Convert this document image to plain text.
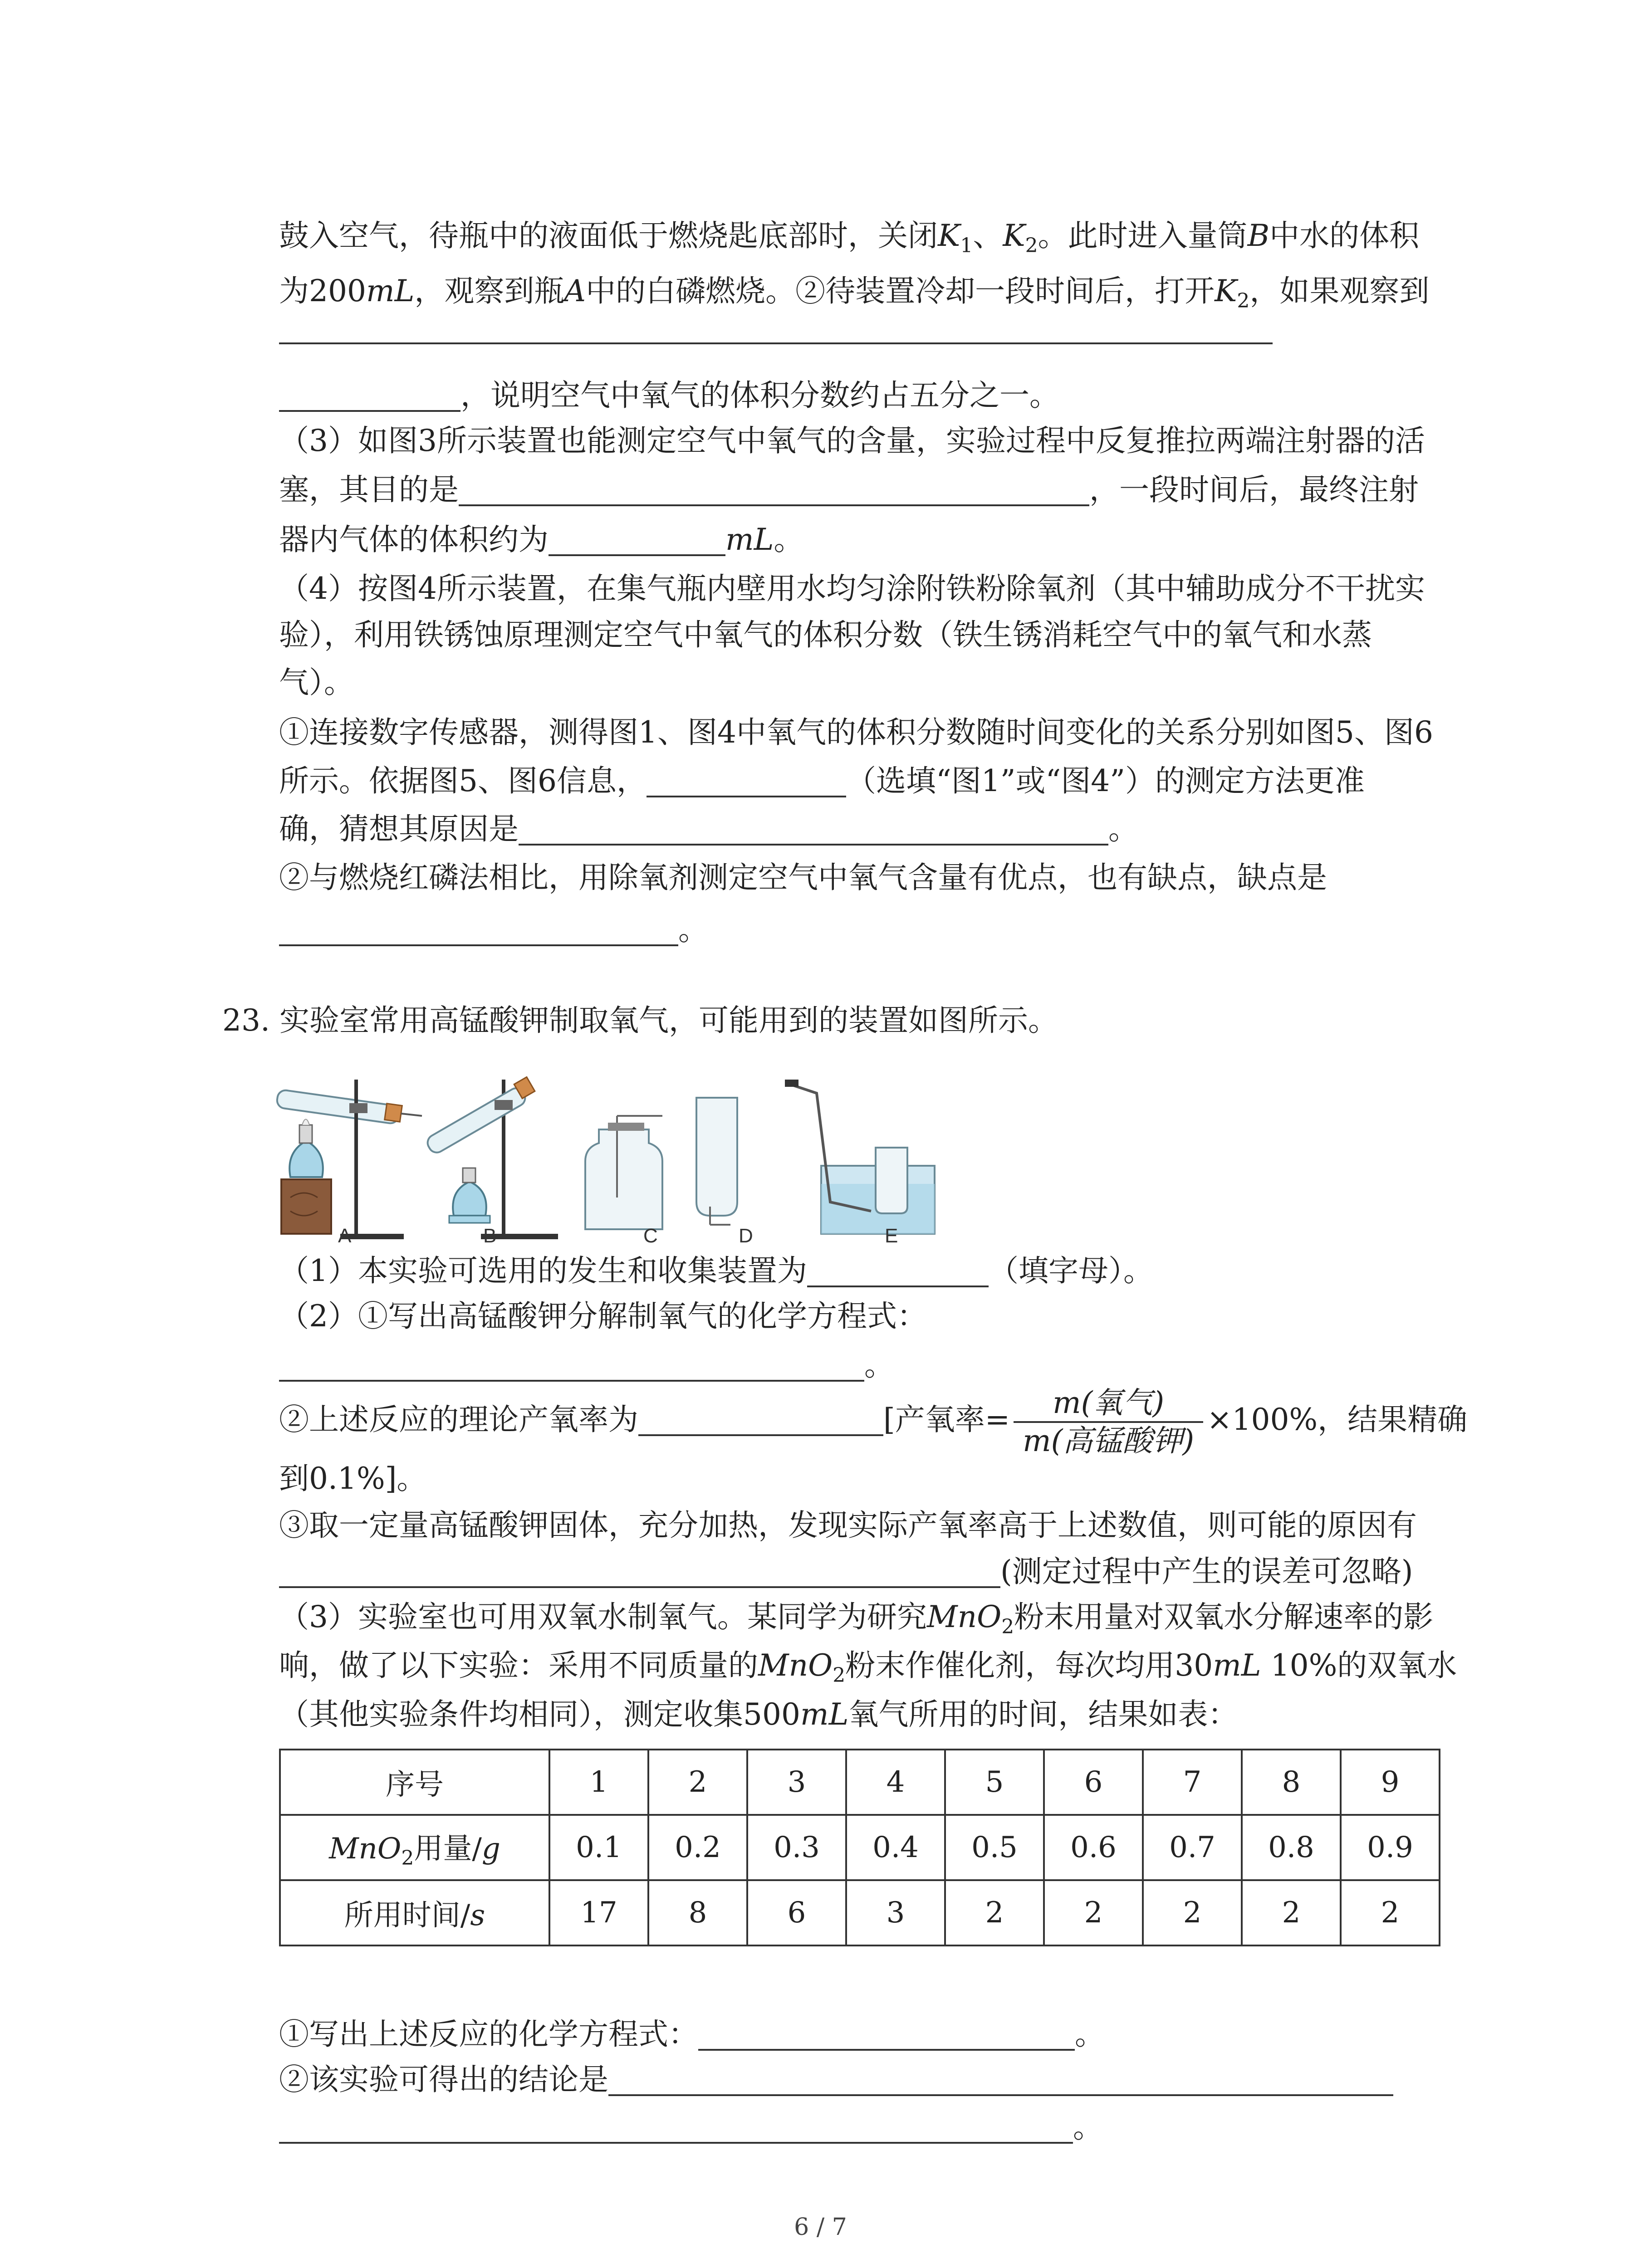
鼓入空气，待瓶中的液面低于燃烧匙底部时，关闭$K_1$、$K_2$。此时进入量筒B中水的体积
为200mL，观察到瓶A中的白磷燃烧。②待装置冷却一段时间后，打开$K_2$，如果观察到
，说明空气中氧气的体积分数约占五分之一。
（3）如图3所示装置也能测定空气中氧气的含量，实验过程中反复推拉两端注射器的活
塞，其目的是	，一段时间后，最终注射
器内气体的体积约为	mL。
（4）按图4所示装置，在集气瓶内壁用水均匀涂附铁粉除氧剂（其中辅助成分不干扰实
验），利用铁锈蚀原理测定空气中氧气的体积分数（铁生锈消耗空气中的氧气和水蒸
气）。
①连接数字传感器，测得图1、图4中氧气的体积分数随时间变化的关系分别如图5、图6
所示。依据图5、图6信息，	（选填“图1”或“图4”）的测定方法更准
确，猜想其原因是	。
②与燃烧红磷法相比，用除氧剂测定空气中氧气含量有优点，也有缺点，缺点是
。
23. 实验室常用高锰酸钾制取氧气，可能用到的装置如图所示。
A	B	C	D	E
（1）本实验可选用的发生和收集装置为	（填字母）。
（2）①写出高锰酸钾分解制氧气的化学方程式：
。
②上述反应的理论产氧率为	[产氧率= $\frac{\text{m(氧气)}}{\text{m(高锰酸钾)}} \times 100\%$，结果精确
到0.1%]。
③取一定量高锰酸钾固体，充分加热，发现实际产氧率高于上述数值，则可能的原因有
(测定过程中产生的误差可忽略)
（3）实验室也可用双氧水制氧气。某同学为研究MnO$_2$粉末用量对双氧水分解速率的影
响，做了以下实验：采用不同质量的MnO$_2$粉末作催化剂，每次均用30mL 10%的双氧水
（其他实验条件均相同），测定收集500mL氧气所用的时间，结果如表：
序号	1	2	3	4	5	6	7	8	9
MnO$_2$用量/g	0.1	0.2	0.3	0.4	0.5	0.6	0.7	0.8	0.9
所用时间/s	17	8	6	3	2	2	2	2	2
①写出上述反应的化学方程式：	。
②该实验可得出的结论是
。
6 / 7
